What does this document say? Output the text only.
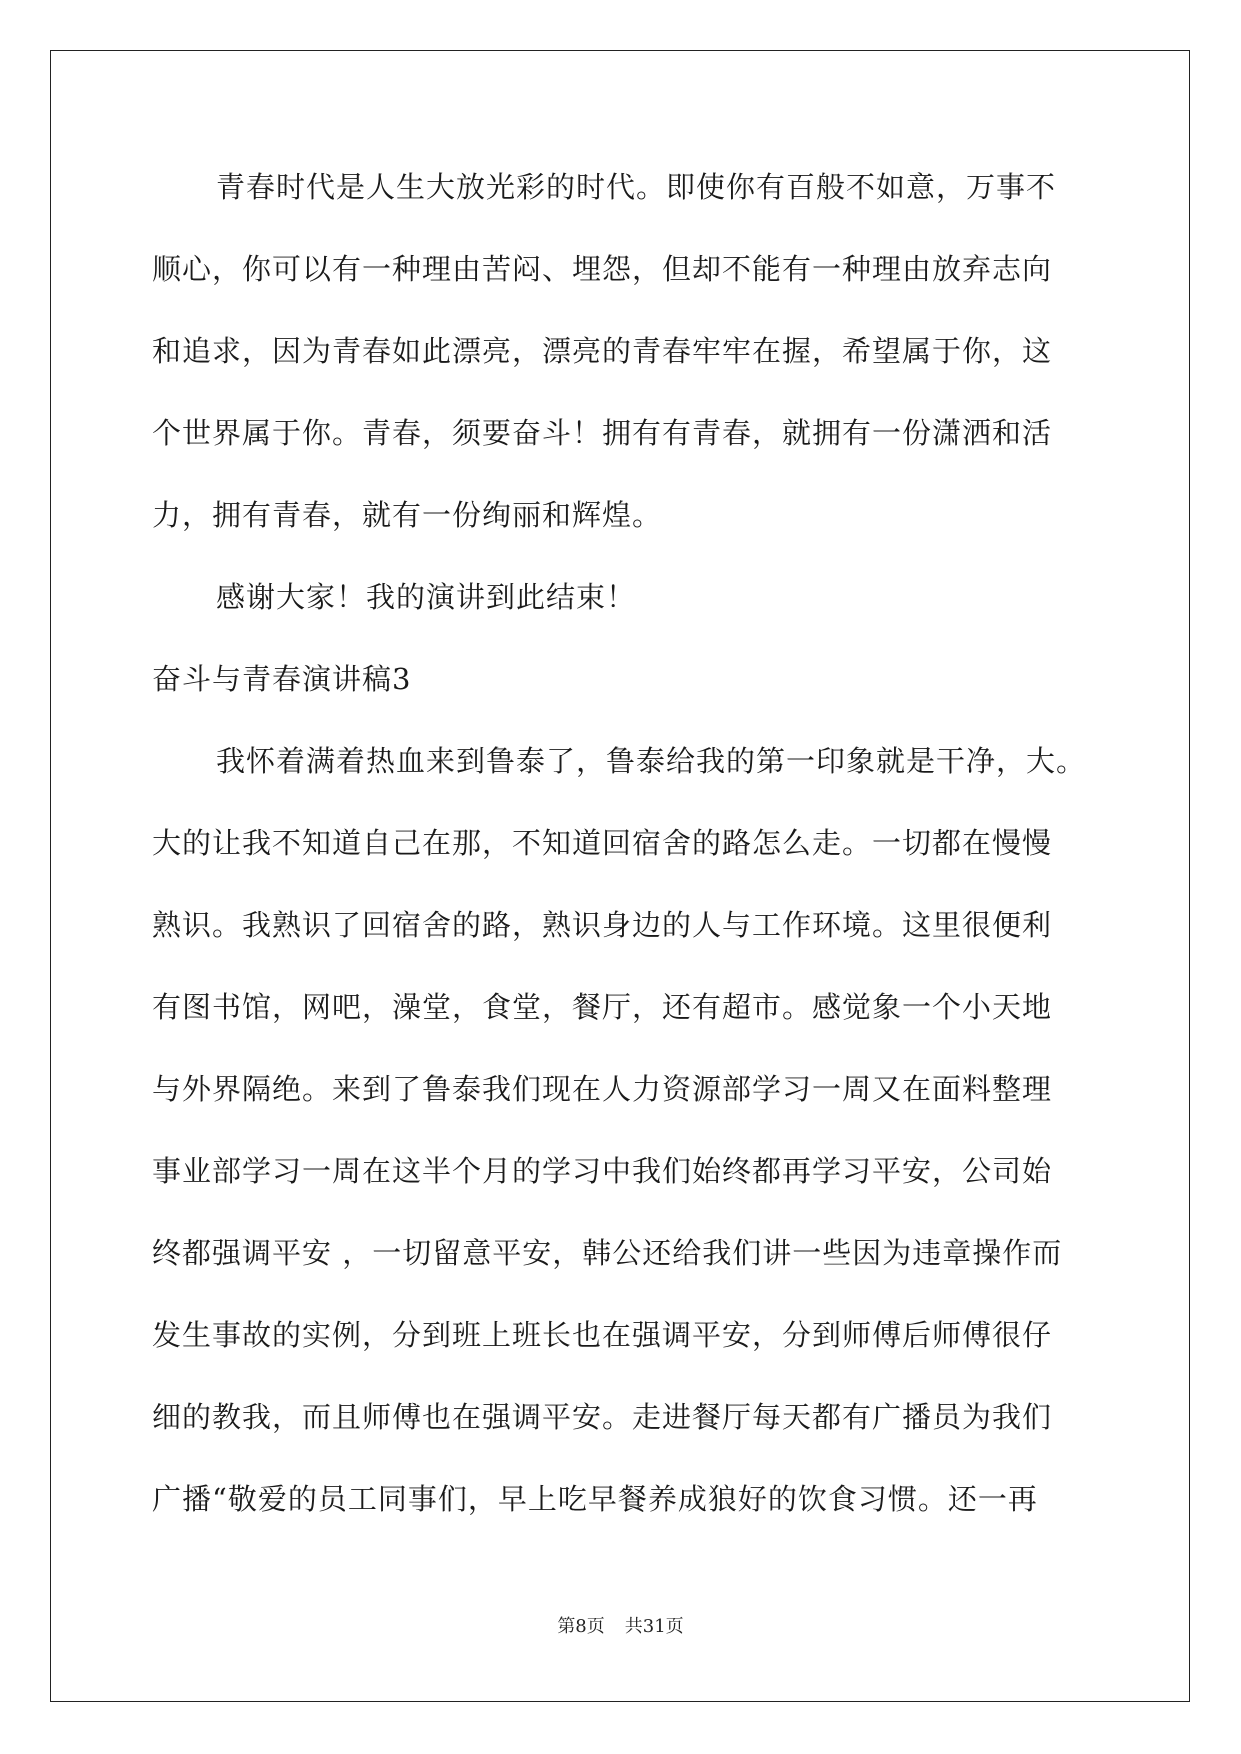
青春时代是人生大放光彩的时代。即使你有百般不如意，万事不
顺心，你可以有一种理由苦闷、埋怨，但却不能有一种理由放弃志向
和追求，因为青春如此漂亮，漂亮的青春牢牢在握，希望属于你，这
个世界属于你。青春，须要奋斗！拥有有青春，就拥有一份潇洒和活
力，拥有青春，就有一份绚丽和辉煌。
感谢大家！我的演讲到此结束！
奋斗与青春演讲稿3
我怀着满着热血来到鲁泰了，鲁泰给我的第一印象就是干净，大。
大的让我不知道自己在那，不知道回宿舍的路怎么走。一切都在慢慢
熟识。我熟识了回宿舍的路，熟识身边的人与工作环境。这里很便利
有图书馆，网吧，澡堂，食堂，餐厅，还有超市。感觉象一个小天地
与外界隔绝。来到了鲁泰我们现在人力资源部学习一周又在面料整理
事业部学习一周在这半个月的学习中我们始终都再学习平安，公司始
终都强调平安 ，一切留意平安，韩公还给我们讲一些因为违章操作而
发生事故的实例，分到班上班长也在强调平安，分到师傅后师傅很仔
细的教我，而且师傅也在强调平安。走进餐厅每天都有广播员为我们
广播“敬爱的员工同事们，早上吃早餐养成狼好的饮食习惯。还一再
第8页 共31页
